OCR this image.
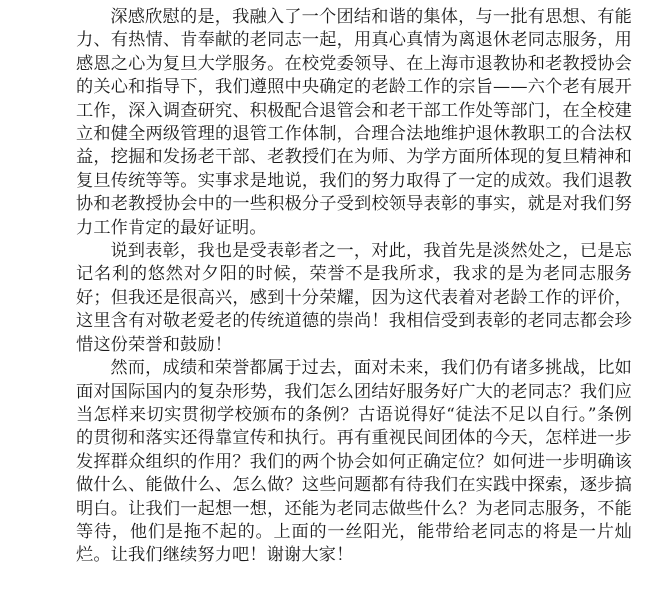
深感欣慰的是，我融入了一个团结和谐的集体，与一批有思想、有能力、有热情、肯奉献的老同志一起，用真心真情为离退休老同志服务，用感恩之心为复旦大学服务。在校党委领导、在上海市退教协和老教授协会的关心和指导下，我们遵照中央确定的老龄工作的宗旨——六个老有展开工作，深入调查研究、积极配合退管会和老干部工作处等部门，在全校建立和健全两级管理的退管工作体制，合理合法地维护退休教职工的合法权益，挖掘和发扬老干部、老教授们在为师、为学方面所体现的复旦精神和复旦传统等等。实事求是地说，我们的努力取得了一定的成效。我们退教协和老教授协会中的一些积极分子受到校领导表彰的事实，就是对我们努力工作肯定的最好证明。

说到表彰，我也是受表彰者之一，对此，我首先是淡然处之，已是忘记名利的悠然对夕阳的时候，荣誉不是我所求，我求的是为老同志服务好；但我还是很高兴，感到十分荣耀，因为这代表着对老龄工作的评价，这里含有对敬老爱老的传统道德的崇尚！我相信受到表彰的老同志都会珍惜这份荣誉和鼓励！

然而，成绩和荣誉都属于过去，面对未来，我们仍有诸多挑战，比如面对国际国内的复杂形势，我们怎么团结好服务好广大的老同志？我们应当怎样来切实贯彻学校颁布的条例？古语说得好“徒法不足以自行。”条例的贯彻和落实还得靠宣传和执行。再有重视民间团体的今天，怎样进一步发挥群众组织的作用？我们的两个协会如何正确定位？如何进一步明确该做什么、能做什么、怎么做？这些问题都有待我们在实践中探索，逐步搞明白。让我们一起想一想，还能为老同志做些什么？为老同志服务，不能等待，他们是拖不起的。上面的一丝阳光，能带给老同志的将是一片灿烂。让我们继续努力吧！谢谢大家！
